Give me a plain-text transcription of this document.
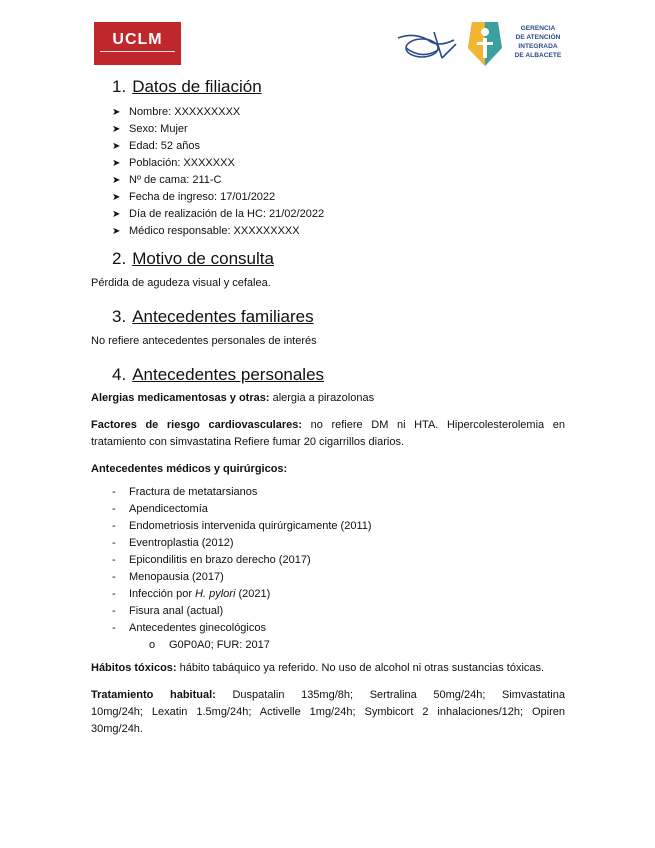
UCLM
GERENCIA
DE ATENCIÓN
INTEGRADA
DE ALBACETE
1. Datos de filiación
➤ Nombre: XXXXXXXXX
➤ Sexo: Mujer
➤ Edad: 52 años
➤ Población: XXXXXXX
➤ Nº de cama: 211-C
➤ Fecha de ingreso: 17/01/2022
➤ Día de realización de la HC: 21/02/2022
➤ Médico responsable: XXXXXXXXX
2. Motivo de consulta

Pérdida de agudeza visual y cefalea.

3. Antecedentes familiares

No refiere antecedentes personales de interés

4. Antecedentes personales

Alergias medicamentosas y otras: alergia a pirazolonas

Factores de riesgo cardiovasculares: no refiere DM ni HTA. Hipercolesterolemia en

tratamiento con simvastatina Refiere fumar 20 cigarrillos diarios.

Antecedentes médicos y quirúrgicos:

- Fractura de metatarsianos
- Apendicectomía
- Endometriosis intervenida quirúrgicamente (2011)
- Eventroplastia (2012)
- Epicondilitis en brazo derecho (2017)
- Menopausia (2017)
- Infección por H. pylori (2021)
- Fisura anal (actual)
- Antecedentes ginecológicos
o G0P0A0; FUR: 2017

Hábitos tóxicos: hábito tabáquico ya referido. No uso de alcohol ni otras sustancias tóxicas.

Tratamiento habitual: Duspatalin 135mg/8h; Sertralina 50mg/24h; Simvastatina

10mg/24h; Lexatin 1.5mg/24h; Activelle 1mg/24h; Symbicort 2 inhalaciones/12h; Opiren

30mg/24h.
